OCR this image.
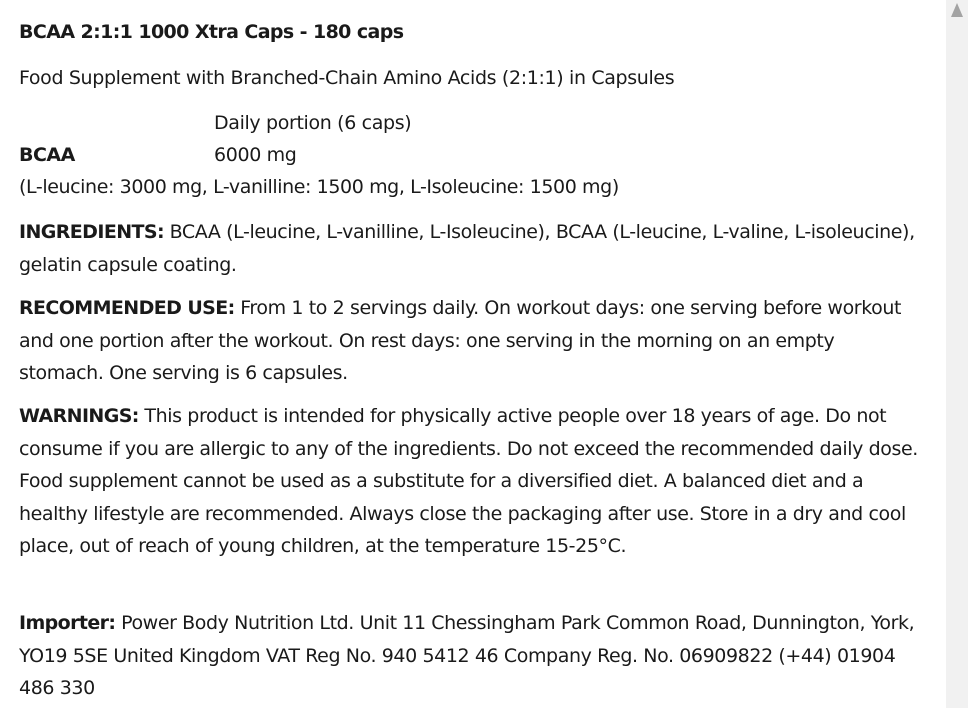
BCAA 2:1:1 1000 Xtra Caps - 180 caps
Food Supplement with Branched-Chain Amino Acids (2:1:1) in Capsules
Daily portion (6 caps)
BCAA	6000 mg
(L-leucine: 3000 mg, L-vanilline: 1500 mg, L-Isoleucine: 1500 mg)
INGREDIENTS: BCAA (L-leucine, L-vanilline, L-Isoleucine), BCAA (L-leucine, L-valine, L-isoleucine), gelatin capsule coating.
RECOMMENDED USE: From 1 to 2 servings daily. On workout days: one serving before workout and one portion after the workout. On rest days: one serving in the morning on an empty stomach. One serving is 6 capsules.
WARNINGS: This product is intended for physically active people over 18 years of age. Do not consume if you are allergic to any of the ingredients. Do not exceed the recommended daily dose. Food supplement cannot be used as a substitute for a diversified diet. A balanced diet and a healthy lifestyle are recommended. Always close the packaging after use. Store in a dry and cool place, out of reach of young children, at the temperature 15-25°C.
Importer: Power Body Nutrition Ltd. Unit 11 Chessingham Park Common Road, Dunnington, York, YO19 5SE United Kingdom VAT Reg No. 940 5412 46 Company Reg. No. 06909822 (+44) 01904 486 330
